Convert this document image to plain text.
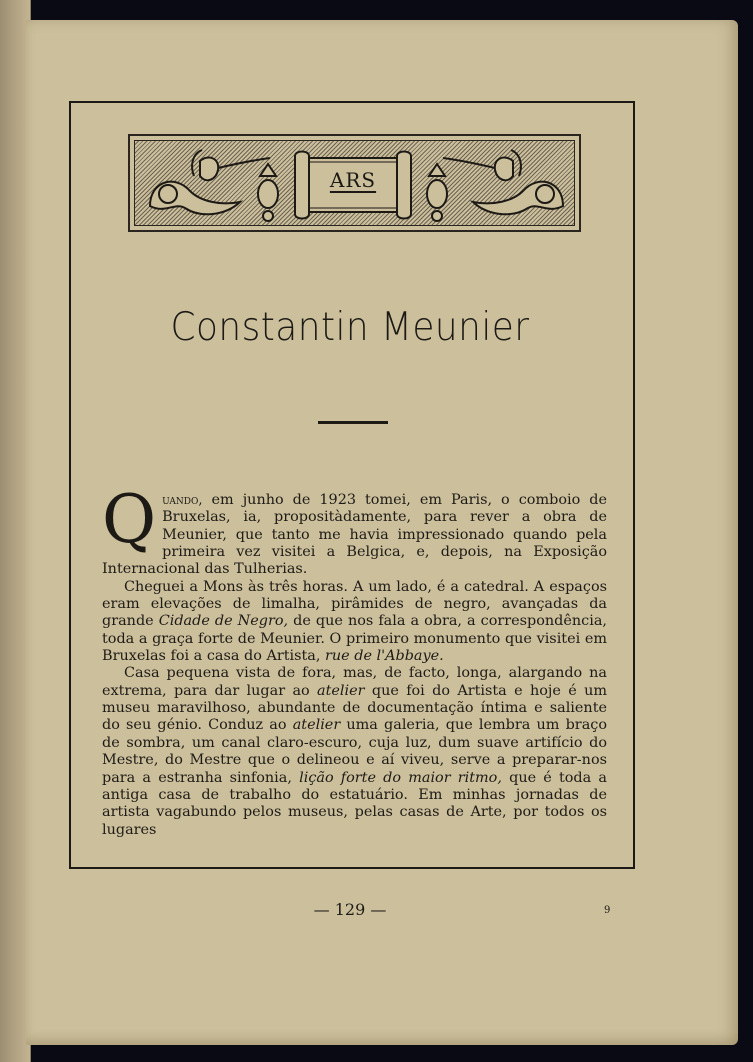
ARS
Constantin Meunier

Quando, em junho de 1923 tomei, em Paris, o comboio de Bruxelas, ia, propositàdamente, para rever a obra de Meunier, que tanto me havia impressionado quando pela primeira vez visitei a Belgica, e, depois, na Exposição Internacional das Tulherias.

Cheguei a Mons às três horas. A um lado, é a catedral. A espaços eram elevações de limalha, pirâmides de negro, avançadas da grande Cidade de Negro, de que nos fala a obra, a correspondência, toda a graça forte de Meunier. O primeiro monumento que visitei em Bruxelas foi a casa do Artista, rue de l'Abbaye.

Casa pequena vista de fora, mas, de facto, longa, alargando na extrema, para dar lugar ao atelier que foi do Artista e hoje é um museu maravilhoso, abundante de documentação íntima e saliente do seu génio. Conduz ao atelier uma galeria, que lembra um braço de sombra, um canal claro-escuro, cuja luz, dum suave artifício do Mestre, do Mestre que o delineou e aí viveu, serve a preparar-nos para a estranha sinfonia, lição forte do maior ritmo, que é toda a antiga casa de trabalho do estatuário. Em minhas jornadas de artista vagabundo pelos museus, pelas casas de Arte, por todos os lugares

— 129 —	9
